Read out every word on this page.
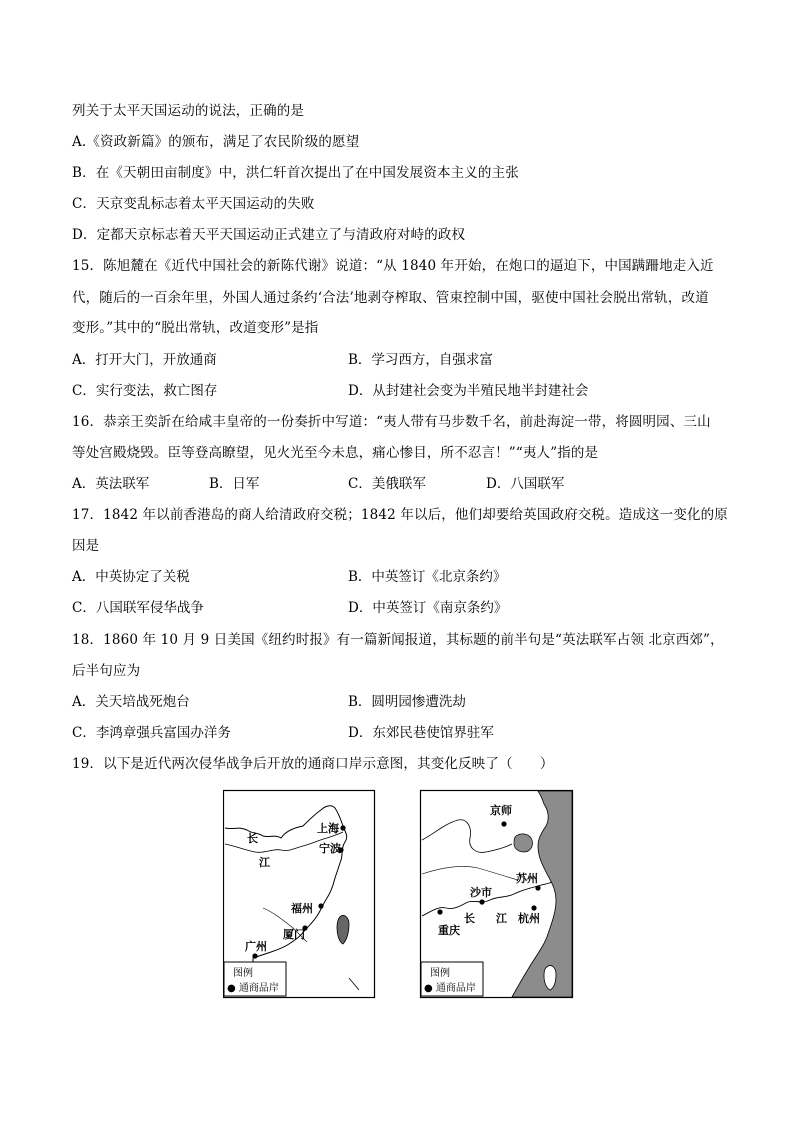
列关于太平天国运动的说法，正确的是
A.《资政新篇》的颁布，满足了农民阶级的愿望
B．在《天朝田亩制度》中，洪仁轩首次提出了在中国发展资本主义的主张
C．天京变乱标志着太平天国运动的失败
D．定都天京标志着天平天国运动正式建立了与清政府对峙的政权
15．陈旭麓在《近代中国社会的新陈代谢》说道：“从 1840 年开始，在炮口的逼迫下，中国蹒跚地走入近
代，随后的一百余年里，外国人通过条约‘合法’地剥夺榨取、管束控制中国，驱使中国社会脱出常轨，改道
变形。”其中的“脱出常轨，改道变形”是指
A．打开大门，开放通商	B．学习西方，自强求富
C．实行变法，救亡图存	D．从封建社会变为半殖民地半封建社会
16．恭亲王奕訢在给咸丰皇帝的一份奏折中写道：“夷人带有马步数千名，前赴海淀一带，将圆明园、三山
等处宫殿烧毁。臣等登高瞭望，见火光至今未息，痛心惨目，所不忍言！”“夷人”指的是
A．英法联军	B．日军	C．美俄联军	D．八国联军
17．1842 年以前香港岛的商人给清政府交税；1842 年以后，他们却要给英国政府交税。造成这一变化的原
因是
A．中英协定了关税	B．中英签订《北京条约》
C．八国联军侵华战争	D．中英签订《南京条约》
18．1860 年 10 月 9 日美国《纽约时报》有一篇新闻报道，其标题的前半句是“英法联军占领 北京西郊”，
后半句应为
A．关天培战死炮台	B．圆明园惨遭洗劫
C．李鸿章强兵富国办洋务	D．东郊民巷使馆界驻军
19．以下是近代两次侵华战争后开放的通商口岸示意图，其变化反映了（　　）
上海
宁波
长
江
福州
厦门
广州
图例
● 通商品岸
京师
苏州
沙市
长 江
重庆
杭州
图例
● 通商品岸
